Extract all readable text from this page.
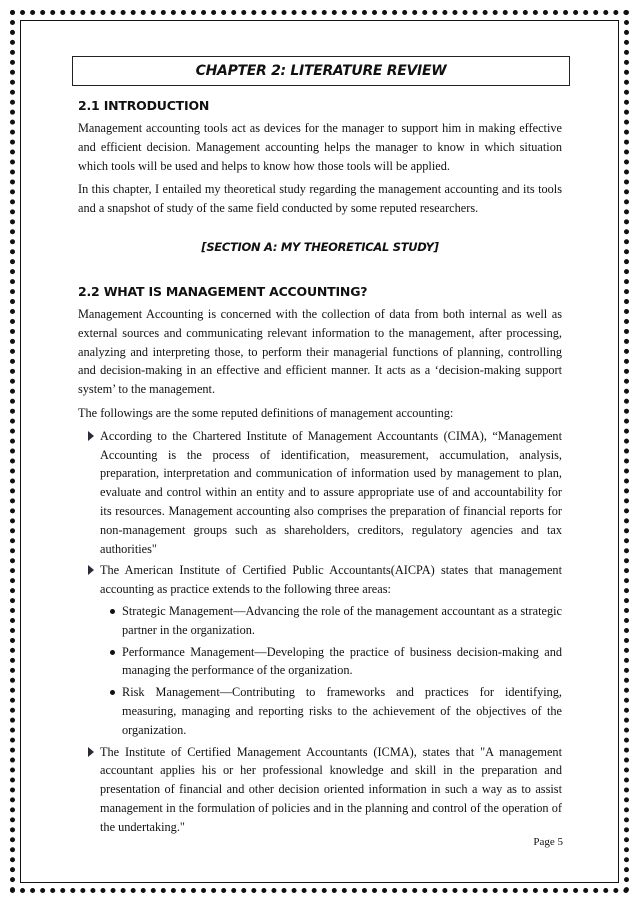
CHAPTER 2: LITERATURE REVIEW
2.1 INTRODUCTION

Management accounting tools act as devices for the manager to support him in making effective and efficient decision. Management accounting helps the manager to know in which situation which tools will be used and helps to know how those tools will be applied.

In this chapter, I entailed my theoretical study regarding the management accounting and its tools and a snapshot of study of the same field conducted by some reputed researchers.

[SECTION A: MY THEORETICAL STUDY]
2.2 WHAT IS MANAGEMENT ACCOUNTING?

Management Accounting is concerned with the collection of data from both internal as well as external sources and communicating relevant information to the management, after processing, analyzing and interpreting those, to perform their managerial functions of planning, controlling and decision-making in an effective and efficient manner. It acts as a ‘decision-making support system’ to the management.

The followings are the some reputed definitions of management accounting:

According to the Chartered Institute of Management Accountants (CIMA), “Management Accounting is the process of identification, measurement, accumulation, analysis, preparation, interpretation and communication of information used by management to plan, evaluate and control within an entity and to assure appropriate use of and accountability for its resources. Management accounting also comprises the preparation of financial reports for non-management groups such as shareholders, creditors, regulatory agencies and tax authorities"

The American Institute of Certified Public Accountants(AICPA) states that management accounting as practice extends to the following three areas:

Strategic Management—Advancing the role of the management accountant as a strategic partner in the organization.

Performance Management—Developing the practice of business decision-making and managing the performance of the organization.

Risk Management—Contributing to frameworks and practices for identifying, measuring, managing and reporting risks to the achievement of the objectives of the organization.

The Institute of Certified Management Accountants (ICMA), states that "A management accountant applies his or her professional knowledge and skill in the preparation and presentation of financial and other decision oriented information in such a way as to assist management in the formulation of policies and in the planning and control of the operation of the undertaking."

Page 5
